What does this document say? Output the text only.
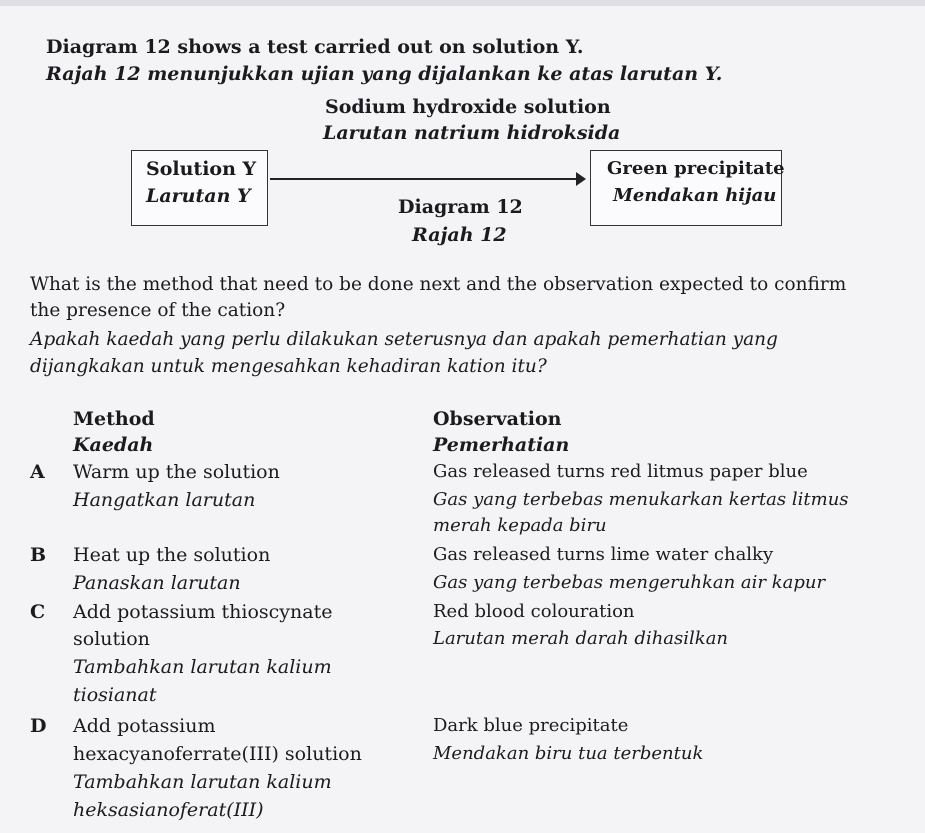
Diagram 12 shows a test carried out on solution Y.
Rajah 12 menunjukkan ujian yang dijalankan ke atas larutan Y.
Sodium hydroxide solution
Larutan natrium hidroksida
Solution Y
Larutan Y
Green precipitate
Mendakan hijau
Diagram 12
Rajah 12
What is the method that need to be done next and the observation expected to confirm
the presence of the cation?
Apakah kaedah yang perlu dilakukan seterusnya dan apakah pemerhatian yang
dijangkakan untuk mengesahkan kehadiran kation itu?
Method
Kaedah
Observation
Pemerhatian
A Warm up the solution
Hangatkan larutan
Gas released turns red litmus paper blue
Gas yang terbebas menukarkan kertas litmus
merah kepada biru
B Heat up the solution
Panaskan larutan
Gas released turns lime water chalky
Gas yang terbebas mengeruhkan air kapur
C Add potassium thioscynate
solution
Tambahkan larutan kalium
tiosianat
Red blood colouration
Larutan merah darah dihasilkan
D Add potassium
hexacyanoferrate(III) solution
Tambahkan larutan kalium
heksasianoferat(III)
Dark blue precipitate
Mendakan biru tua terbentuk
